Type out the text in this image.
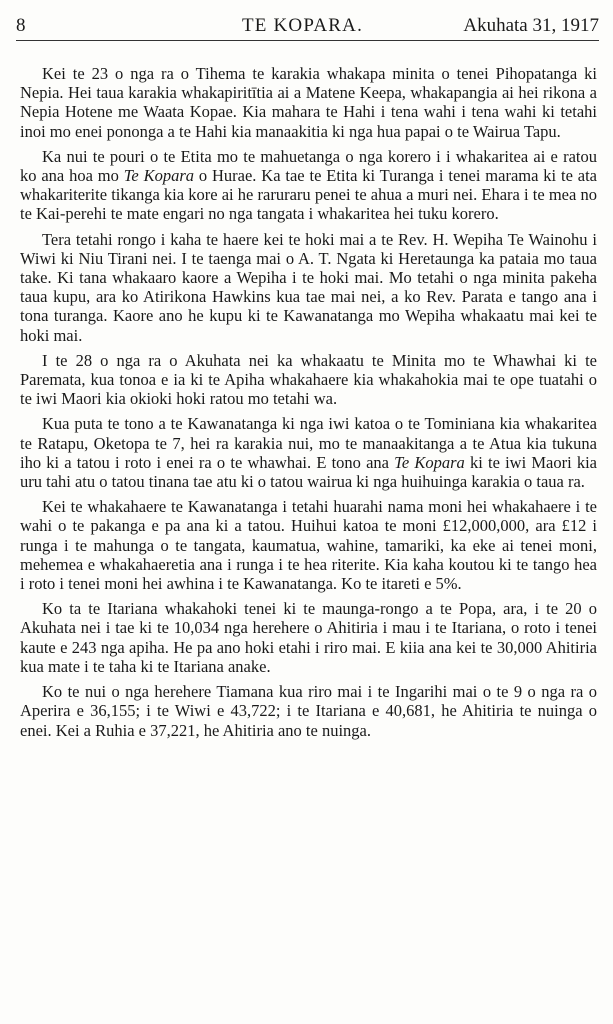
8	TE KOPARA.	Akuhata 31, 1917

Kei te 23 o nga ra o Tihema te karakia whakapa minita o tenei Pihopatanga ki Nepia. Hei taua karakia whakapiritītia ai a Matene Keepa, whakapangia ai hei rikona a Nepia Hotene me Waata Kopae. Kia mahara te Hahi i tena wahi i tena wahi ki tetahi inoi mo enei pononga a te Hahi kia manaakitia ki nga hua papai o te Wairua Tapu.

Ka nui te pouri o te Etita mo te mahuetanga o nga korero i i whakaritea ai e ratou ko ana hoa mo Te Kopara o Hurae. Ka tae te Etita ki Turanga i tenei marama ki te ata whakariterite tikanga kia kore ai he raruraru penei te ahua a muri nei. Ehara i te mea no te Kai-perehi te mate engari no nga tangata i whakaritea hei tuku korero.

Tera tetahi rongo i kaha te haere kei te hoki mai a te Rev. H. Wepiha Te Wainohu i Wiwi ki Niu Tirani nei. I te taenga mai o A. T. Ngata ki Heretaunga ka pataia mo taua take. Ki tana whakaaro kaore a Wepiha i te hoki mai. Mo tetahi o nga minita pakeha taua kupu, ara ko Atirikona Hawkins kua tae mai nei, a ko Rev. Parata e tango ana i tona turanga. Kaore ano he kupu ki te Kawanatanga mo Wepiha whakaatu mai kei te hoki mai.

I te 28 o nga ra o Akuhata nei ka whakaatu te Minita mo te Whawhai ki te Paremata, kua tonoa e ia ki te Apiha whakahaere kia whakahokia mai te ope tuatahi o te iwi Maori kia okioki hoki ratou mo tetahi wa.

Kua puta te tono a te Kawanatanga ki nga iwi katoa o te Tominiana kia whakaritea te Ratapu, Oketopa te 7, hei ra karakia nui, mo te manaakitanga a te Atua kia tukuna iho ki a tatou i roto i enei ra o te whawhai. E tono ana Te Kopara ki te iwi Maori kia uru tahi atu o tatou tinana tae atu ki o tatou wairua ki nga huihuinga karakia o taua ra.

Kei te whakahaere te Kawanatanga i tetahi huarahi nama moni hei whakahaere i te wahi o te pakanga e pa ana ki a tatou. Huihui katoa te moni £12,000,000, ara £12 i runga i te mahunga o te tangata, kaumatua, wahine, tamariki, ka eke ai tenei moni, mehemea e whakahaeretia ana i runga i te hea riterite. Kia kaha koutou ki te tango hea i roto i tenei moni hei awhina i te Kawanatanga. Ko te itareti e 5%.

Ko ta te Itariana whakahoki tenei ki te maunga-rongo a te Popa, ara, i te 20 o Akuhata nei i tae ki te 10,034 nga herehere o Ahitiria i mau i te Itariana, o roto i tenei kaute e 243 nga apiha. He pa ano hoki etahi i riro mai. E kiia ana kei te 30,000 Ahitiria kua mate i te taha ki te Itariana anake.

Ko te nui o nga herehere Tiamana kua riro mai i te Ingarihi mai o te 9 o nga ra o Aperira e 36,155; i te Wiwi e 43,722; i te Itariana e 40,681, he Ahitiria te nuinga o enei. Kei a Ruhia e 37,221, he Ahitiria ano te nuinga.
